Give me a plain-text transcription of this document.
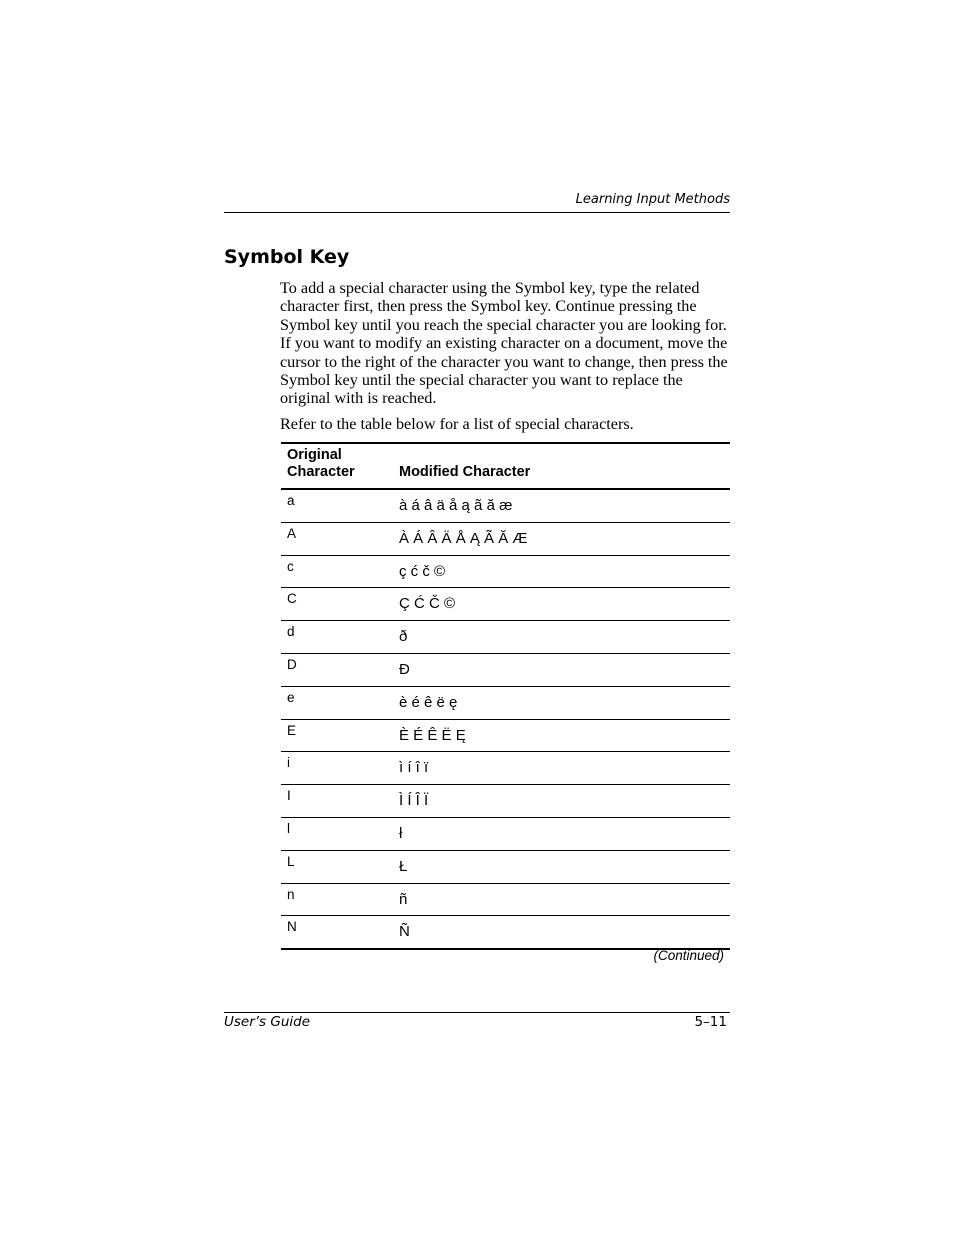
Learning Input Methods
Symbol Key

To add a special character using the Symbol key, type the related character first, then press the Symbol key. Continue pressing the Symbol key until you reach the special character you are looking for. If you want to modify an existing character on a document, move the cursor to the right of the character you want to change, then press the Symbol key until the special character you want to replace the original with is reached.

Refer to the table below for a list of special characters.

Original Character	Modified Character
a	à á â ä å ą ã ă æ
A	À Á Â Ä Å Ą Ã Ă Æ
c	ç ć č ©
C	Ç Ć Č ©
d	ð
D	Đ
e	è é ê ë ę
E	È É Ê Ë Ę
i	ì í î ï
I	Ì Í Î Ï
l	ł
L	Ł
n	ñ
N	Ñ
(Continued)
User’s Guide	5–11
